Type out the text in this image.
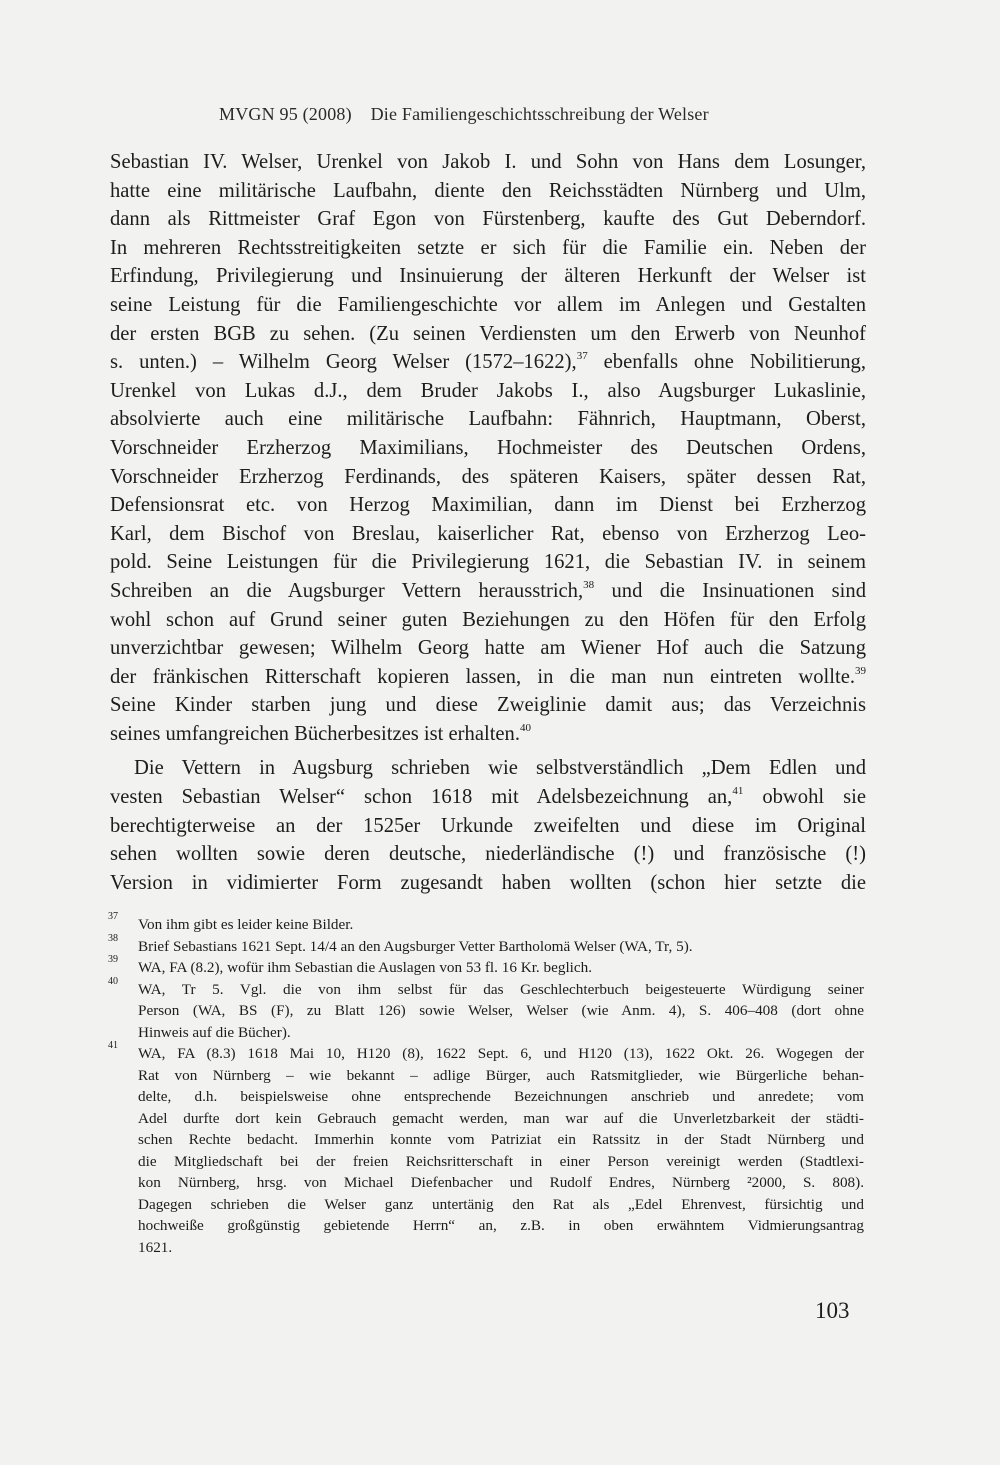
MVGN 95 (2008)    Die Familiengeschichtsschreibung der Welser
Sebastian IV. Welser, Urenkel von Jakob I. und Sohn von Hans dem Losunger,
hatte eine militärische Laufbahn, diente den Reichsstädten Nürnberg und Ulm,
dann als Rittmeister Graf Egon von Fürstenberg, kaufte des Gut Deberndorf.
In mehreren Rechtsstreitigkeiten setzte er sich für die Familie ein. Neben der
Erfindung, Privilegierung und Insinuierung der älteren Herkunft der Welser ist
seine Leistung für die Familiengeschichte vor allem im Anlegen und Gestalten
der ersten BGB zu sehen. (Zu seinen Verdiensten um den Erwerb von Neunhof
s. unten.) – Wilhelm Georg Welser (1572–1622),$^{37}$ ebenfalls ohne Nobilitierung,
Urenkel von Lukas d.J., dem Bruder Jakobs I., also Augsburger Lukaslinie,
absolvierte auch eine militärische Laufbahn: Fähnrich, Hauptmann, Oberst,
Vorschneider Erzherzog Maximilians, Hochmeister des Deutschen Ordens,
Vorschneider Erzherzog Ferdinands, des späteren Kaisers, später dessen Rat,
Defensionsrat etc. von Herzog Maximilian, dann im Dienst bei Erzherzog
Karl, dem Bischof von Breslau, kaiserlicher Rat, ebenso von Erzherzog Leo-
pold. Seine Leistungen für die Privilegierung 1621, die Sebastian IV. in seinem
Schreiben an die Augsburger Vettern herausstrich,$^{38}$ und die Insinuationen sind
wohl schon auf Grund seiner guten Beziehungen zu den Höfen für den Erfolg
unverzichtbar gewesen; Wilhelm Georg hatte am Wiener Hof auch die Satzung
der fränkischen Ritterschaft kopieren lassen, in die man nun eintreten wollte.$^{39}$
Seine Kinder starben jung und diese Zweiglinie damit aus; das Verzeichnis
seines umfangreichen Bücherbesitzes ist erhalten.$^{40}$
Die Vettern in Augsburg schrieben wie selbstverständlich „Dem Edlen und
vesten Sebastian Welser“ schon 1618 mit Adelsbezeichnung an,$^{41}$ obwohl sie
berechtigterweise an der 1525er Urkunde zweifelten und diese im Original
sehen wollten sowie deren deutsche, niederländische (!) und französische (!)
Version in vidimierter Form zugesandt haben wollten (schon hier setzte die
37 Von ihm gibt es leider keine Bilder.
38 Brief Sebastians 1621 Sept. 14/4 an den Augsburger Vetter Bartholomä Welser (WA, Tr, 5).
39 WA, FA (8.2), wofür ihm Sebastian die Auslagen von 53 fl. 16 Kr. beglich.
40 WA, Tr 5. Vgl. die von ihm selbst für das Geschlechterbuch beigesteuerte Würdigung seiner
Person (WA, BS (F), zu Blatt 126) sowie Welser, Welser (wie Anm. 4), S. 406–408 (dort ohne
Hinweis auf die Bücher).
41 WA, FA (8.3) 1618 Mai 10, H120 (8), 1622 Sept. 6, und H120 (13), 1622 Okt. 26. Wogegen der
Rat von Nürnberg – wie bekannt – adlige Bürger, auch Ratsmitglieder, wie Bürgerliche behan-
delte, d.h. beispielsweise ohne entsprechende Bezeichnungen anschrieb und anredete; vom
Adel durfte dort kein Gebrauch gemacht werden, man war auf die Unverletzbarkeit der städti-
schen Rechte bedacht. Immerhin konnte vom Patriziat ein Ratssitz in der Stadt Nürnberg und
die Mitgliedschaft bei der freien Reichsritterschaft in einer Person vereinigt werden (Stadtlexi-
kon Nürnberg, hrsg. von Michael Diefenbacher und Rudolf Endres, Nürnberg ²2000, S. 808).
Dagegen schrieben die Welser ganz untertänig den Rat als „Edel Ehrenvest, fürsichtig und
hochweiße großgünstig gebietende Herrn“ an, z.B. in oben erwähntem Vidmierungsantrag
1621.
103
